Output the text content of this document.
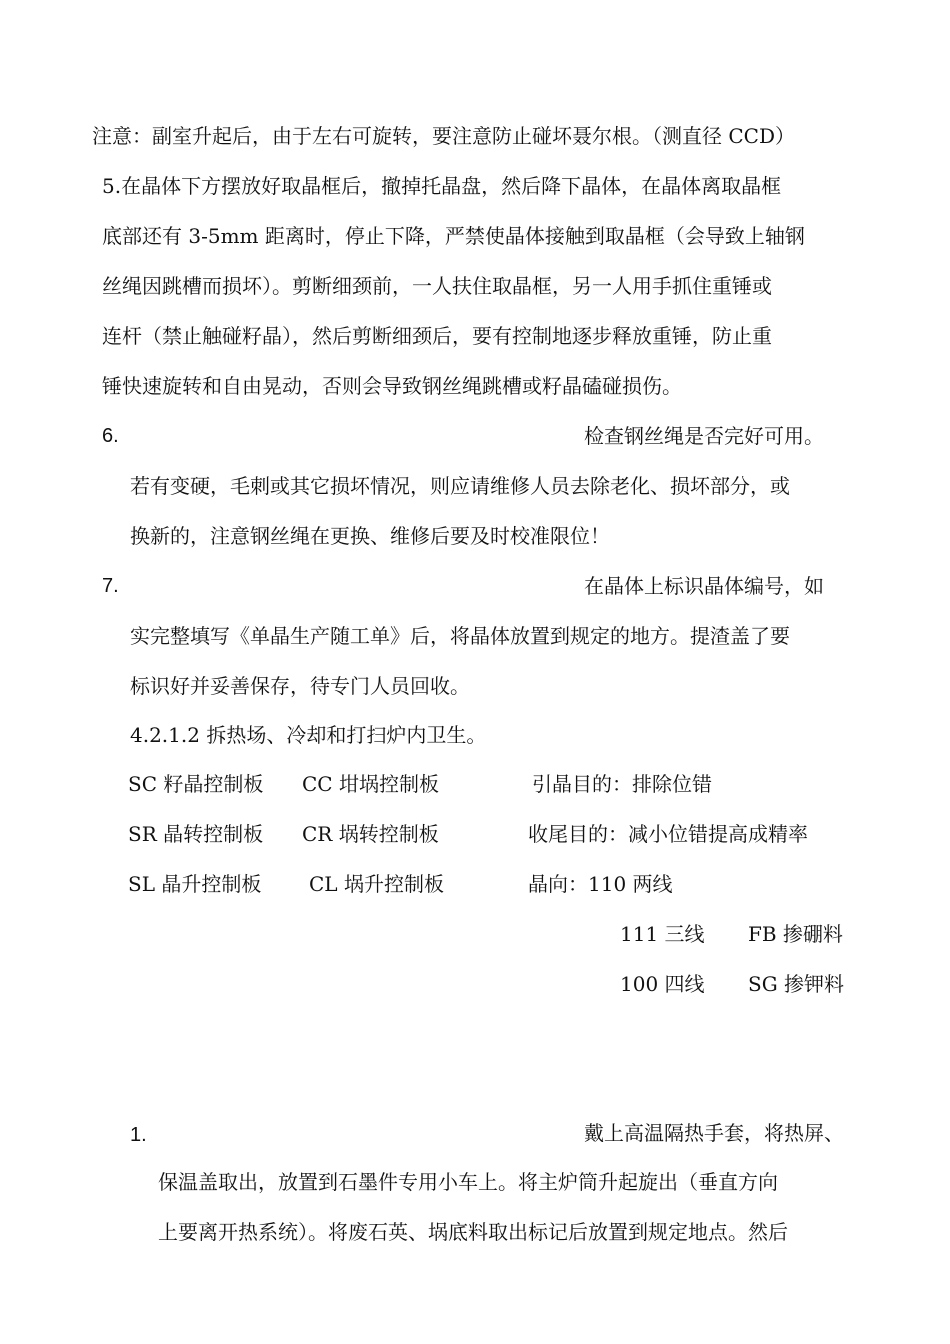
注意：副室升起后，由于左右可旋转，要注意防止碰坏聂尔根。（测直径 CCD）
5.在晶体下方摆放好取晶框后，撤掉托晶盘，然后降下晶体，在晶体离取晶框
底部还有 3-5mm 距离时，停止下降，严禁使晶体接触到取晶框（会导致上轴钢
丝绳因跳槽而损坏）。剪断细颈前，一人扶住取晶框，另一人用手抓住重锤或
连杆（禁止触碰籽晶），然后剪断细颈后，要有控制地逐步释放重锤，防止重
锤快速旋转和自由晃动，否则会导致钢丝绳跳槽或籽晶磕碰损伤。
6.	检查钢丝绳是否完好可用。
若有变硬，毛刺或其它损坏情况，则应请维修人员去除老化、损坏部分，或
换新的，注意钢丝绳在更换、维修后要及时校准限位！
7.	在晶体上标识晶体编号，如
实完整填写《单晶生产随工单》后，将晶体放置到规定的地方。提渣盖了要
标识好并妥善保存，待专门人员回收。
4.2.1.2 拆热场、冷却和打扫炉内卫生。
SC 籽晶控制板 CC 坩埚控制板	引晶目的：排除位错
SR 晶转控制板 CR 埚转控制板	收尾目的：减小位错提高成精率
SL 晶升控制板 CL 埚升控制板	晶向：110 两线
111 三线 FB 掺硼料
100 四线 SG 掺钾料
1.	戴上高温隔热手套，将热屏、
保温盖取出，放置到石墨件专用小车上。将主炉筒升起旋出（垂直方向
上要离开热系统）。将废石英、埚底料取出标记后放置到规定地点。然后
